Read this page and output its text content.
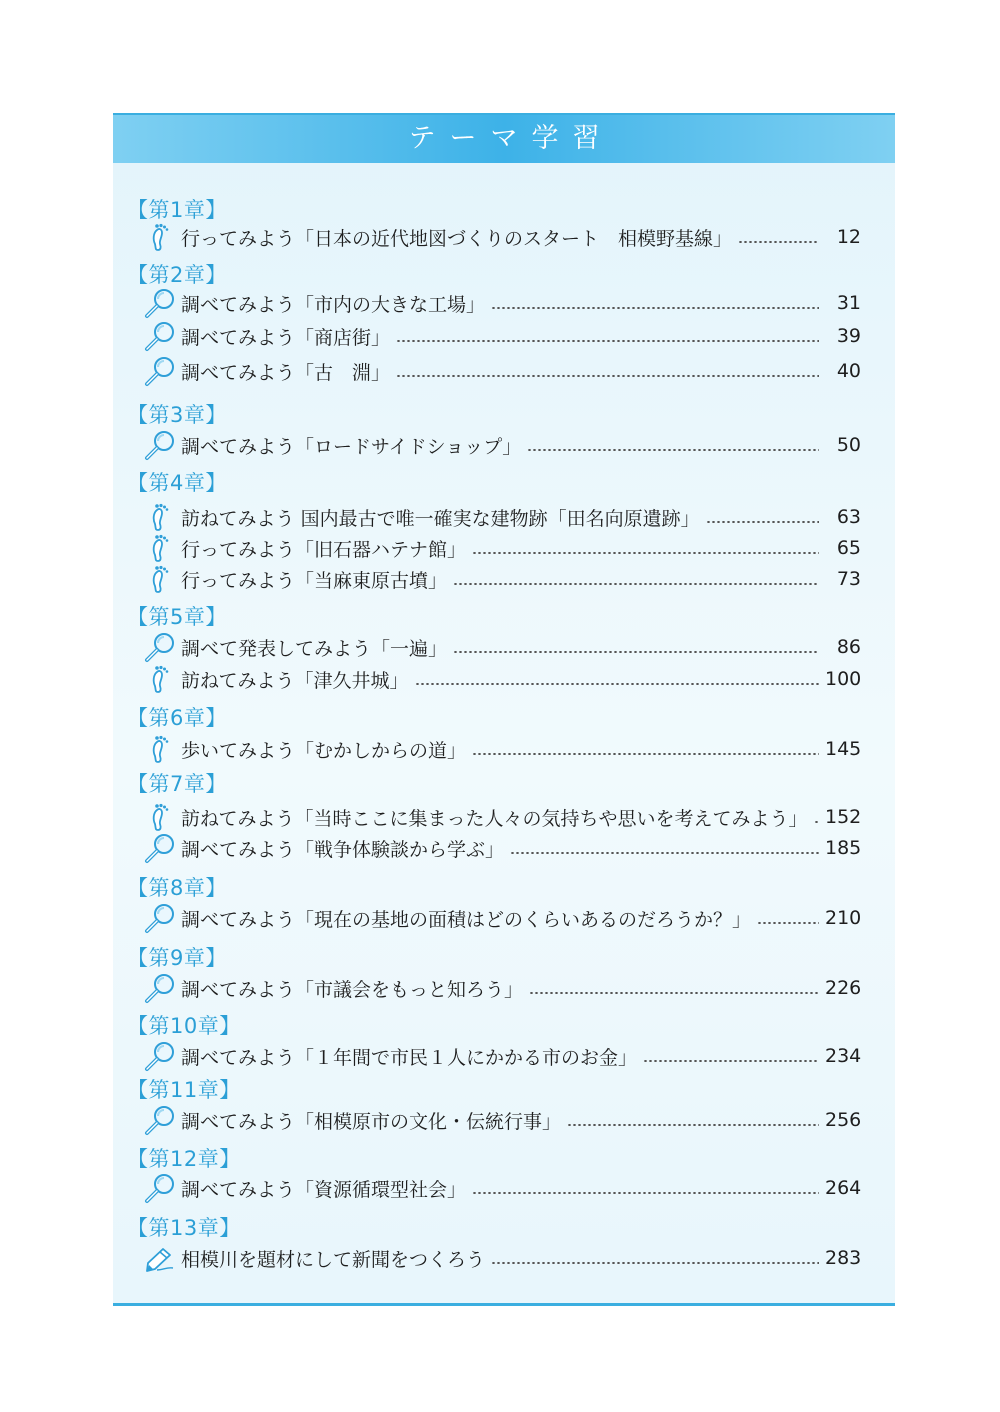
テーマ学習
【第1章】
行ってみよう「日本の近代地図づくりのスタート　相模野基線」	12
【第2章】
調べてみよう「市内の大きな工場」	31
調べてみよう「商店街」	39
調べてみよう「古　淵」	40
【第3章】
調べてみよう「ロードサイドショップ」	50
【第4章】
訪ねてみよう 国内最古で唯一確実な建物跡「田名向原遺跡」	63
行ってみよう「旧石器ハテナ館」	65
行ってみよう「当麻東原古墳」	73
【第5章】
調べて発表してみよう「一遍」	86
訪ねてみよう「津久井城」	100
【第6章】
歩いてみよう「むかしからの道」	145
【第7章】
訪ねてみよう「当時ここに集まった人々の気持ちや思いを考えてみよう」 152
調べてみよう「戦争体験談から学ぶ」	185
【第8章】
調べてみよう「現在の基地の面積はどのくらいあるのだろうか？」	210
【第9章】
調べてみよう「市議会をもっと知ろう」	226
【第10章】
調べてみよう「１年間で市民１人にかかる市のお金」	234
【第11章】
調べてみよう「相模原市の文化・伝統行事」	256
【第12章】
調べてみよう「資源循環型社会」	264
【第13章】
相模川を題材にして新聞をつくろう	283
